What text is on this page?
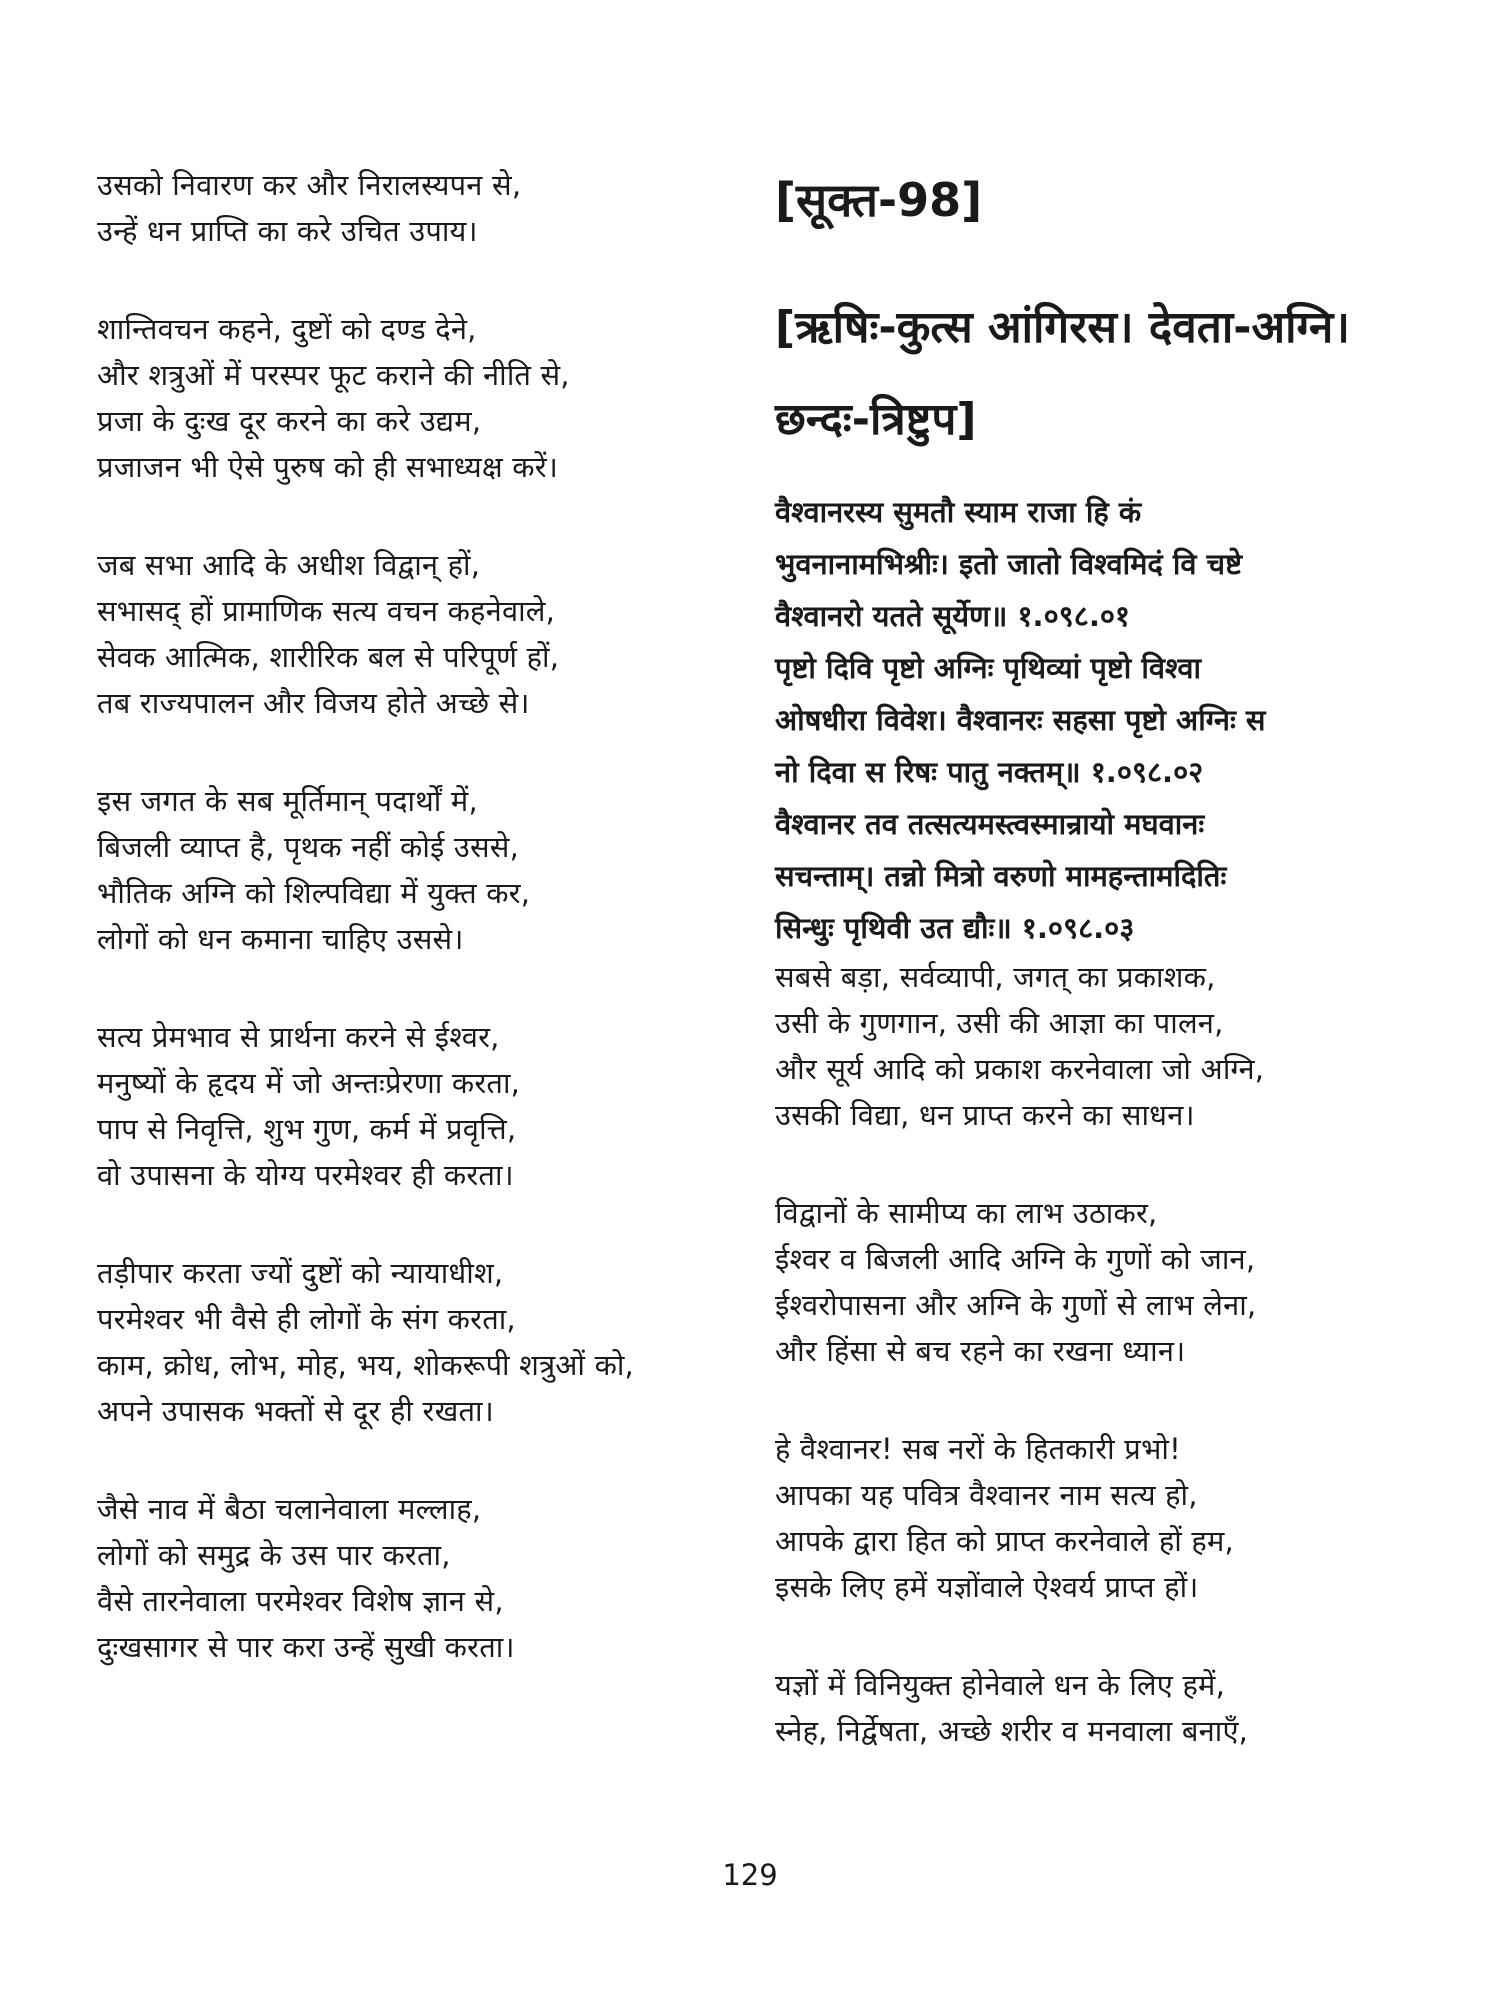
उसको निवारण कर और निरालस्यपन से,
उन्हें धन प्राप्ति का करे उचित उपाय।
शान्तिवचन कहने, दुष्टों को दण्ड देने,
और शत्रुओं में परस्पर फूट कराने की नीति से,
प्रजा के दुःख दूर करने का करे उद्यम,
प्रजाजन भी ऐसे पुरुष को ही सभाध्यक्ष करें।
जब सभा आदि के अधीश विद्वान् हों,
सभासद् हों प्रामाणिक सत्य वचन कहनेवाले,
सेवक आत्मिक, शारीरिक बल से परिपूर्ण हों,
तब राज्यपालन और विजय होते अच्छे से।
इस जगत के सब मूर्तिमान् पदार्थों में,
बिजली व्याप्त है, पृथक नहीं कोई उससे,
भौतिक अग्नि को शिल्पविद्या में युक्त कर,
लोगों को धन कमाना चाहिए उससे।
सत्य प्रेमभाव से प्रार्थना करने से ईश्वर,
मनुष्यों के हृदय में जो अन्तःप्रेरणा करता,
पाप से निवृत्ति, शुभ गुण, कर्म में प्रवृत्ति,
वो उपासना के योग्य परमेश्वर ही करता।
तड़ीपार करता ज्यों दुष्टों को न्यायाधीश,
परमेश्वर भी वैसे ही लोगों के संग करता,
काम, क्रोध, लोभ, मोह, भय, शोकरूपी शत्रुओं को,
अपने उपासक भक्तों से दूर ही रखता।
जैसे नाव में बैठा चलानेवाला मल्लाह,
लोगों को समुद्र के उस पार करता,
वैसे तारनेवाला परमेश्वर विशेष ज्ञान से,
दुःखसागर से पार करा उन्हें सुखी करता।
[सूक्त-98]
[ऋषिः-कुत्स आंगिरस। देवता-अग्नि।
छन्दः-त्रिष्टुप]
वैश्वानरस्य सुमतौ स्याम राजा हि कं
भुवनानामभिश्रीः। इतो जातो विश्वमिदं वि चष्टे
वैश्वानरो यतते सूर्येण॥ १.०९८.०१
पृष्टो दिवि पृष्टो अग्निः पृथिव्यां पृष्टो विश्वा
ओषधीरा विवेश। वैश्वानरः सहसा पृष्टो अग्निः स
नो दिवा स रिषः पातु नक्तम्॥ १.०९८.०२
वैश्वानर तव तत्सत्यमस्त्वस्मान्रायो मघवानः
सचन्ताम्। तन्नो मित्रो वरुणो मामहन्तामदितिः
सिन्धुः पृथिवी उत द्यौः॥ १.०९८.०३
सबसे बड़ा, सर्वव्यापी, जगत् का प्रकाशक,
उसी के गुणगान, उसी की आज्ञा का पालन,
और सूर्य आदि को प्रकाश करनेवाला जो अग्नि,
उसकी विद्या, धन प्राप्त करने का साधन।
विद्वानों के सामीप्य का लाभ उठाकर,
ईश्वर व बिजली आदि अग्नि के गुणों को जान,
ईश्वरोपासना और अग्नि के गुणों से लाभ लेना,
और हिंसा से बच रहने का रखना ध्यान।
हे वैश्वानर! सब नरों के हितकारी प्रभो!
आपका यह पवित्र वैश्वानर नाम सत्य हो,
आपके द्वारा हित को प्राप्त करनेवाले हों हम,
इसके लिए हमें यज्ञोंवाले ऐश्वर्य प्राप्त हों।
यज्ञों में विनियुक्त होनेवाले धन के लिए हमें,
स्नेह, निर्द्वेषता, अच्छे शरीर व मनवाला बनाएँ,
129
